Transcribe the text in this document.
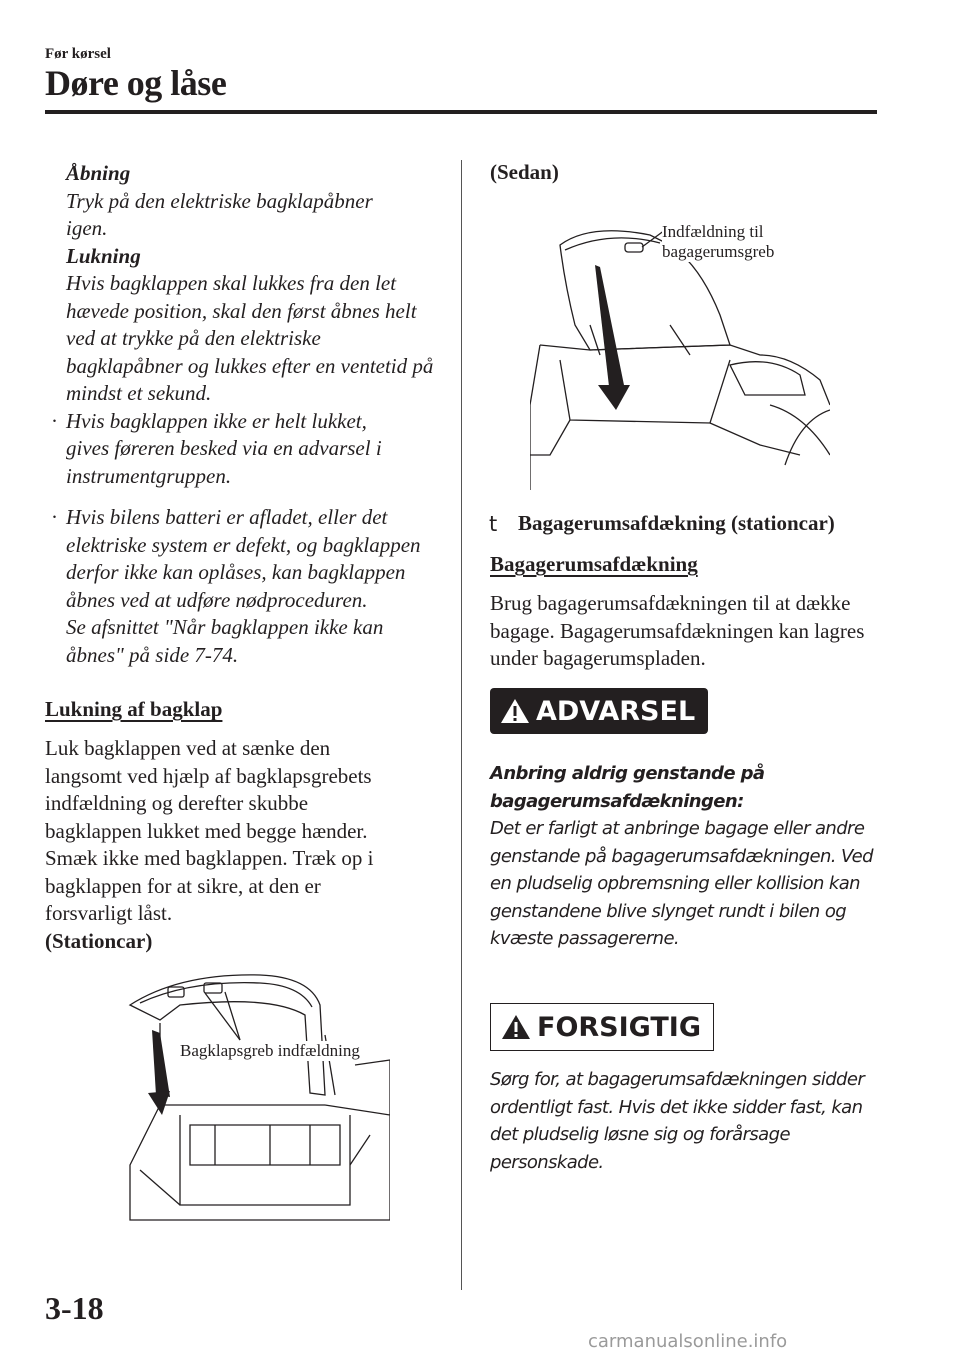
Før kørsel
Døre og låse
Åbning
Tryk på den elektriske bagklapåbner igen.
Lukning
Hvis bagklappen skal lukkes fra den let hævede position, skal den først åbnes helt ved at trykke på den elektriske bagklapåbner og lukkes efter en ventetid på mindst et sekund.
· Hvis bagklappen ikke er helt lukket, gives føreren besked via en advarsel i instrumentgruppen.
· Hvis bilens batteri er afladet, eller det elektriske system er defekt, og bagklappen derfor ikke kan oplåses, kan bagklappen åbnes ved at udføre nødproceduren.
Se afsnittet "Når bagklappen ikke kan åbnes" på side 7-74.
Lukning af bagklap
Luk bagklappen ved at sænke den langsomt ved hjælp af bagklapsgrebets indfældning og derefter skubbe bagklappen lukket med begge hænder. Smæk ikke med bagklappen. Træk op i bagklappen for at sikre, at den er forsvarligt låst.
(Stationcar)
Bagklapsgreb indfældning
(Sedan)
Indfældning til
bagagerumsgreb
t Bagagerumsafdækning (stationcar)
Bagagerumsafdækning
Brug bagagerumsafdækningen til at dække bagage. Bagagerumsafdækningen kan lagres under bagagerumspladen.
ADVARSEL
Anbring aldrig genstande på bagagerumsafdækningen:
Det er farligt at anbringe bagage eller andre genstande på bagagerumsafdækningen. Ved en pludselig opbremsning eller kollision kan genstandene blive slynget rundt i bilen og kvæste passagererne.
FORSIGTIG
Sørg for, at bagagerumsafdækningen sidder ordentligt fast. Hvis det ikke sidder fast, kan det pludselig løsne sig og forårsage personskade.
3-18
carmanualsonline.info
